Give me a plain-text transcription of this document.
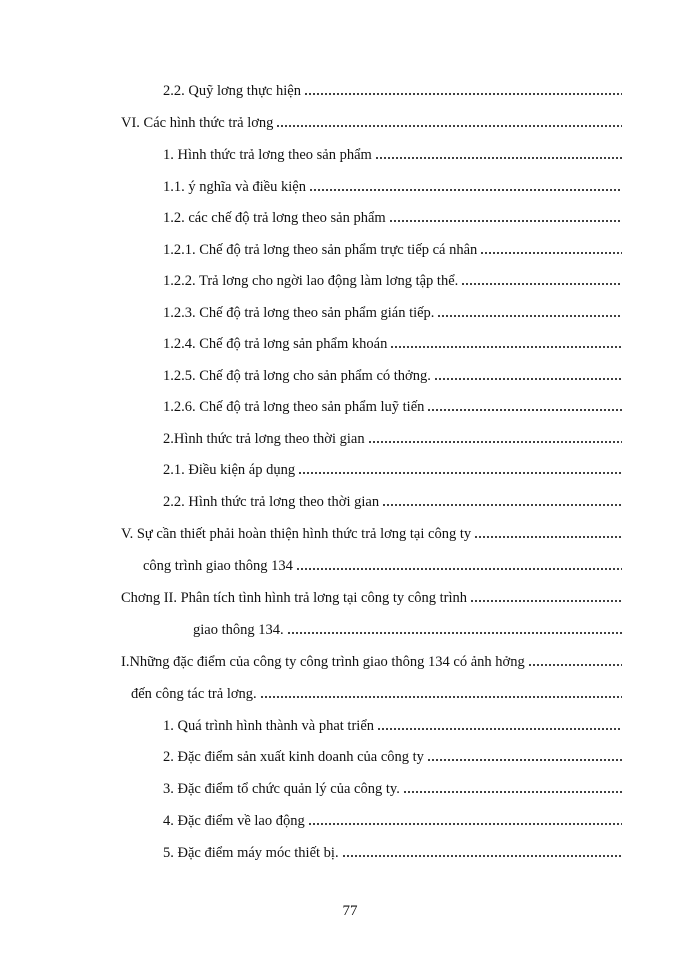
2.2. Quỹ lơng thực hiện
VI. Các hình thức trả lơng
1. Hình thức trả lơng theo sản phẩm
1.1. ý nghĩa và điều kiện
1.2. các chế độ trả lơng theo sản phẩm
1.2.1. Chế độ trả lơng theo sản phẩm trực tiếp cá nhân
1.2.2. Trả lơng cho ngời lao động làm lơng tập thể.
1.2.3. Chế độ trả lơng theo sản phẩm gián tiếp.
1.2.4. Chế độ trả lơng sản phẩm khoán
1.2.5. Chế độ trả lơng cho sản phẩm có thởng.
1.2.6. Chế độ trả lơng theo sản phẩm luỹ tiến
2.Hình thức trả lơng theo thời gian
2.1. Điều kiện áp dụng
2.2. Hình thức trả lơng theo thời gian
V. Sự cần thiết phải hoàn thiện hình thức trả lơng tại công ty
công trình giao thông 134
Chơng II. Phân tích tình hình trả lơng tại công ty công trình
giao thông 134.
I.Những đặc điểm của công ty công trình giao thông 134 có ảnh hởng
đến công tác trả lơng.
1. Quá trình hình thành và phat triển
2. Đặc điểm sản xuất kinh doanh của công ty
3. Đặc điểm tổ chức quản lý của công ty.
4. Đặc điểm về lao động
5. Đặc điểm máy móc thiết bị.
77
